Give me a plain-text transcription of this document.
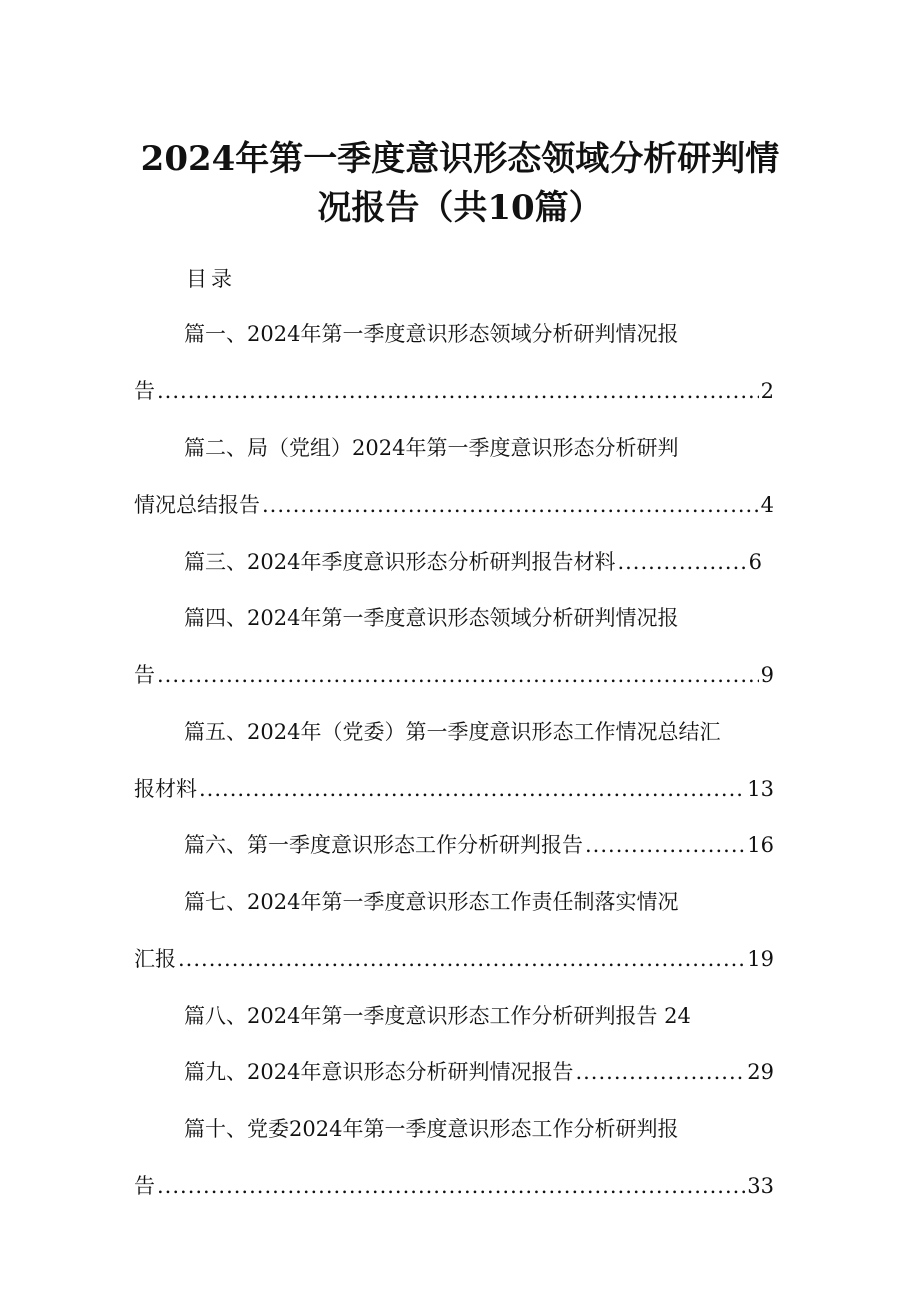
2024年第一季度意识形态领域分析研判情
况报告（共10篇）
目录
篇一、2024年第一季度意识形态领域分析研判情况报
告 .....	2
篇二、局（党组）2024年第一季度意识形态分析研判
情况总结报告 .....	4
篇三、2024年季度意识形态分析研判报告材料 .....	6
篇四、2024年第一季度意识形态领域分析研判情况报
告 .....	9
篇五、2024年（党委）第一季度意识形态工作情况总结汇
报材料 .....	13
篇六、第一季度意识形态工作分析研判报告 .....	16
篇七、2024年第一季度意识形态工作责任制落实情况
汇报 .....	19
篇八、2024年第一季度意识形态工作分析研判报告 24
篇九、2024年意识形态分析研判情况报告 .....	29
篇十、党委2024年第一季度意识形态工作分析研判报
告 .....	33
